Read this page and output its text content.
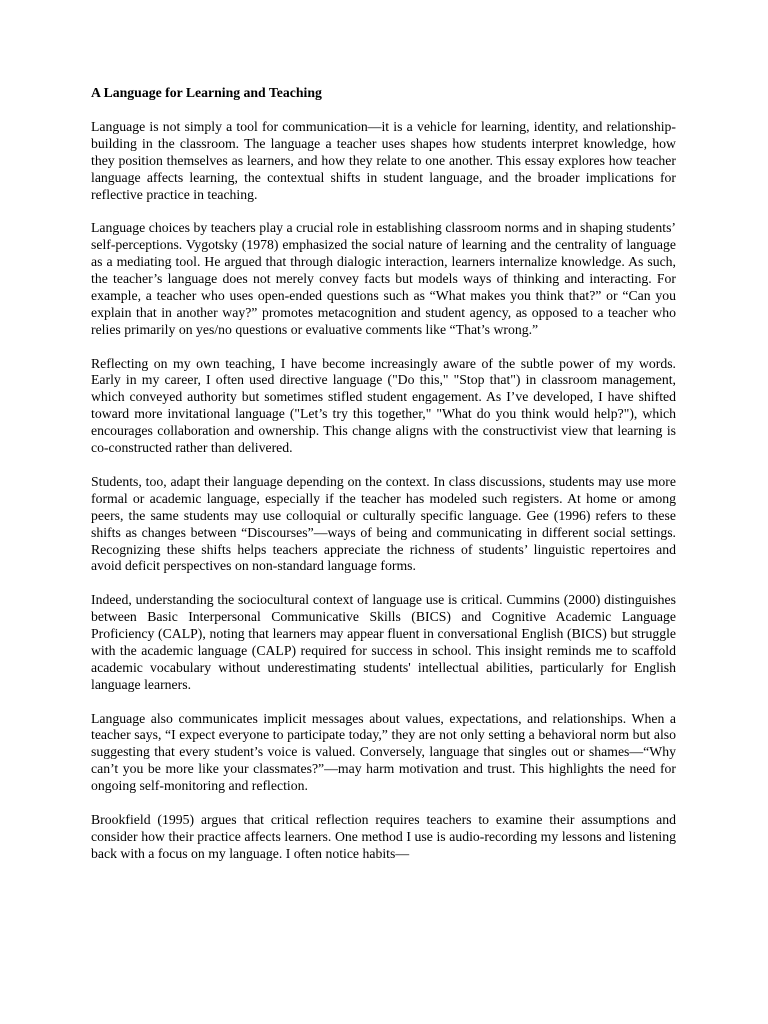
A Language for Learning and Teaching

Language is not simply a tool for communication—it is a vehicle for learning, identity, and relationship-building in the classroom. The language a teacher uses shapes how students interpret knowledge, how they position themselves as learners, and how they relate to one another. This essay explores how teacher language affects learning, the contextual shifts in student language, and the broader implications for reflective practice in teaching.

Language choices by teachers play a crucial role in establishing classroom norms and in shaping students’ self-perceptions. Vygotsky (1978) emphasized the social nature of learning and the centrality of language as a mediating tool. He argued that through dialogic interaction, learners internalize knowledge. As such, the teacher’s language does not merely convey facts but models ways of thinking and interacting. For example, a teacher who uses open-ended questions such as “What makes you think that?” or “Can you explain that in another way?” promotes metacognition and student agency, as opposed to a teacher who relies primarily on yes/no questions or evaluative comments like “That’s wrong.”

Reflecting on my own teaching, I have become increasingly aware of the subtle power of my words. Early in my career, I often used directive language ("Do this," "Stop that") in classroom management, which conveyed authority but sometimes stifled student engagement. As I’ve developed, I have shifted toward more invitational language ("Let’s try this together," "What do you think would help?"), which encourages collaboration and ownership. This change aligns with the constructivist view that learning is co-constructed rather than delivered.

Students, too, adapt their language depending on the context. In class discussions, students may use more formal or academic language, especially if the teacher has modeled such registers. At home or among peers, the same students may use colloquial or culturally specific language. Gee (1996) refers to these shifts as changes between “Discourses”—ways of being and communicating in different social settings. Recognizing these shifts helps teachers appreciate the richness of students’ linguistic repertoires and avoid deficit perspectives on non-standard language forms.

Indeed, understanding the sociocultural context of language use is critical. Cummins (2000) distinguishes between Basic Interpersonal Communicative Skills (BICS) and Cognitive Academic Language Proficiency (CALP), noting that learners may appear fluent in conversational English (BICS) but struggle with the academic language (CALP) required for success in school. This insight reminds me to scaffold academic vocabulary without underestimating students' intellectual abilities, particularly for English language learners.

Language also communicates implicit messages about values, expectations, and relationships. When a teacher says, “I expect everyone to participate today,” they are not only setting a behavioral norm but also suggesting that every student’s voice is valued. Conversely, language that singles out or shames—“Why can’t you be more like your classmates?”—may harm motivation and trust. This highlights the need for ongoing self-monitoring and reflection.

Brookfield (1995) argues that critical reflection requires teachers to examine their assumptions and consider how their practice affects learners. One method I use is audio-recording my lessons and listening back with a focus on my language. I often notice habits—
